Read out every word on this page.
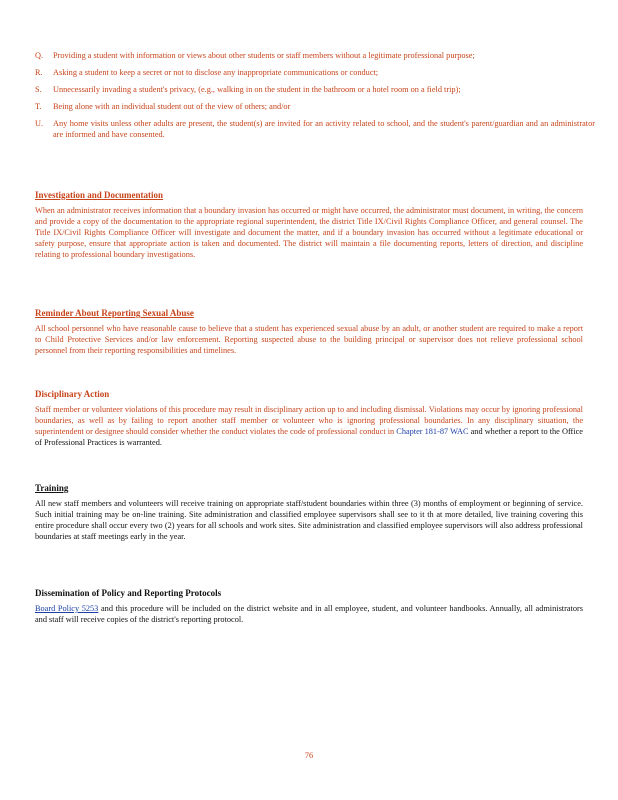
Q.	Providing a student with information or views about other students or staff members without a legitimate professional purpose;
R.	Asking a student to keep a secret or not to disclose any inappropriate communications or conduct;
S.	Unnecessarily invading a student's privacy, (e.g., walking in on the student in the bathroom or a hotel room on a field trip);
T.	Being alone with an individual student out of the view of others; and/or
U.	Any home visits unless other adults are present, the student(s) are invited for an activity related to school, and the student's parent/guardian and an administrator are informed and have consented.
Investigation and Documentation
When an administrator receives information that a boundary invasion has occurred or might have occurred, the administrator must document, in writing, the concern and provide a copy of the documentation to the appropriate regional superintendent, the district Title IX/Civil Rights Compliance Officer, and general counsel. The Title IX/Civil Rights Compliance Officer will investigate and document the matter, and if a boundary invasion has occurred without a legitimate educational or safety purpose, ensure that appropriate action is taken and documented. The district will maintain a file documenting reports, letters of direction, and discipline relating to professional boundary investigations.
Reminder About Reporting Sexual Abuse
All school personnel who have reasonable cause to believe that a student has experienced sexual abuse by an adult, or another student are required to make a report to Child Protective Services and/or law enforcement. Reporting suspected abuse to the building principal or supervisor does not relieve professional school personnel from their reporting responsibilities and timelines.
Disciplinary Action
Staff member or volunteer violations of this procedure may result in disciplinary action up to and including dismissal. Violations may occur by ignoring professional boundaries, as well as by failing to report another staff member or volunteer who is ignoring professional boundaries. In any disciplinary situation, the superintendent or designee should consider whether the conduct violates the code of professional conduct in Chapter 181-87 WAC and whether a report to the Office of Professional Practices is warranted.
Training
All new staff members and volunteers will receive training on appropriate staff/student boundaries within three (3) months of employment or beginning of service. Such initial training may be on-line training. Site administration and classified employee supervisors shall see to it th at more detailed, live training covering this entire procedure shall occur every two (2) years for all schools and work sites. Site administration and classified employee supervisors will also address professional boundaries at staff meetings early in the year.
Dissemination of Policy and Reporting Protocols
Board Policy 5253 and this procedure will be included on the district website and in all employee, student, and volunteer handbooks. Annually, all administrators and staff will receive copies of the district's reporting protocol.
76
